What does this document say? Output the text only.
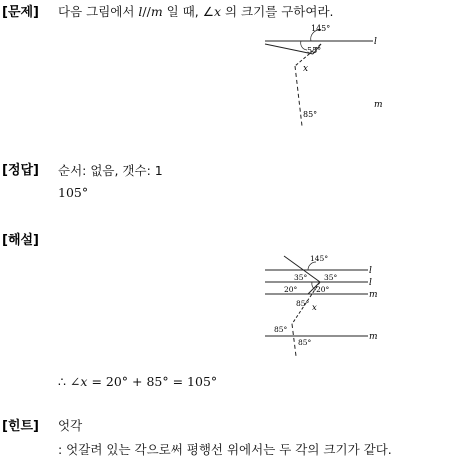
[문제] 다음 그림에서 l//m 일 때, ∠x 의 크기를 구하여라.
145°
55°
x
85°
l
m
[정답] 순서: 없음, 갯수: 1
105°
[해설]
145°
35° 35°
20° 20°
85° x
85°
85°
l
l
m
m
∴ ∠x = 20° + 85° = 105°
[힌트] 엇각
: 엇갈려 있는 각으로써 평행선 위에서는 두 각의 크기가 같다.
